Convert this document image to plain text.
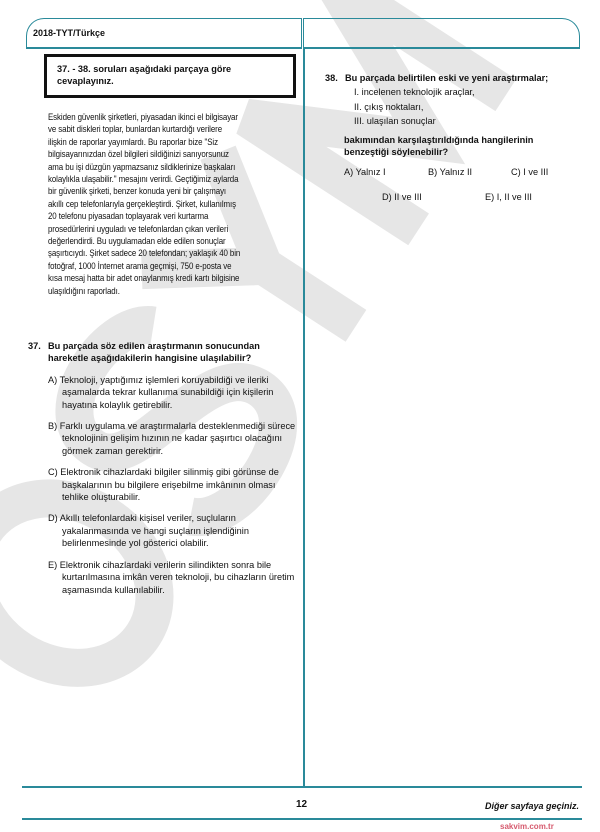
2018-TYT/Türkçe
37. - 38. soruları aşağıdaki parçaya göre cevaplayınız.
Eskiden güvenlik şirketleri, piyasadan ikinci el bilgisayar
ve sabit diskleri toplar, bunlardan kurtardığı verilere
ilişkin de raporlar yayımlardı. Bu raporlar bize "Siz
bilgisayarınızdan özel bilgileri sildiğinizi sanıyorsunuz
ama bu işi düzgün yapmazsanız sildiklerinize başkaları
kolaylıkla ulaşabilir." mesajını verirdi. Geçtiğimiz aylarda
bir güvenlik şirketi, benzer konuda yeni bir çalışmayı
akıllı cep telefonlarıyla gerçekleştirdi. Şirket, kullanılmış
20 telefonu piyasadan toplayarak veri kurtarma
prosedürlerini uyguladı ve telefonlardan çıkan verileri
değerlendirdi. Bu uygulamadan elde edilen sonuçlar
şaşırtıcıydı. Şirket sadece 20 telefondan; yaklaşık 40 bin
fotoğraf, 1000 İnternet arama geçmişi, 750 e-posta ve
kısa mesaj hatta bir adet onaylanmış kredi kartı bilgisine
ulaşıldığını raporladı.
37. Bu parçada söz edilen araştırmanın sonucundan hareketle aşağıdakilerin hangisine ulaşılabilir?
A) Teknoloji, yaptığımız işlemleri koruyabildiği ve ileriki aşamalarda tekrar kullanıma sunabildiği için kişilerin hayatına kolaylık getirebilir.
B) Farklı uygulama ve araştırmalarla desteklenmediği sürece teknolojinin gelişim hızının ne kadar şaşırtıcı olacağını görmek zaman gerektirir.
C) Elektronik cihazlardaki bilgiler silinmiş gibi görünse de başkalarının bu bilgilere erişebilme imkânının olması tehlike oluşturabilir.
D) Akıllı telefonlardaki kişisel veriler, suçluların yakalanmasında ve hangi suçların işlendiğinin belirlenmesinde yol gösterici olabilir.
E) Elektronik cihazlardaki verilerin silindikten sonra bile kurtarılmasına imkân veren teknoloji, bu cihazların üretim aşamasında kullanılabilir.
38. Bu parçada belirtilen eski ve yeni araştırmalar;
I. incelenen teknolojik araçlar,
II. çıkış noktaları,
III. ulaşılan sonuçlar
bakımından karşılaştırıldığında hangilerinin benzeştiği söylenebilir?
A) Yalnız I	B) Yalnız II	C) I ve III
D) II ve III	E) I, II ve III
12	Diğer sayfaya geçiniz.
sakvim.com.tr
